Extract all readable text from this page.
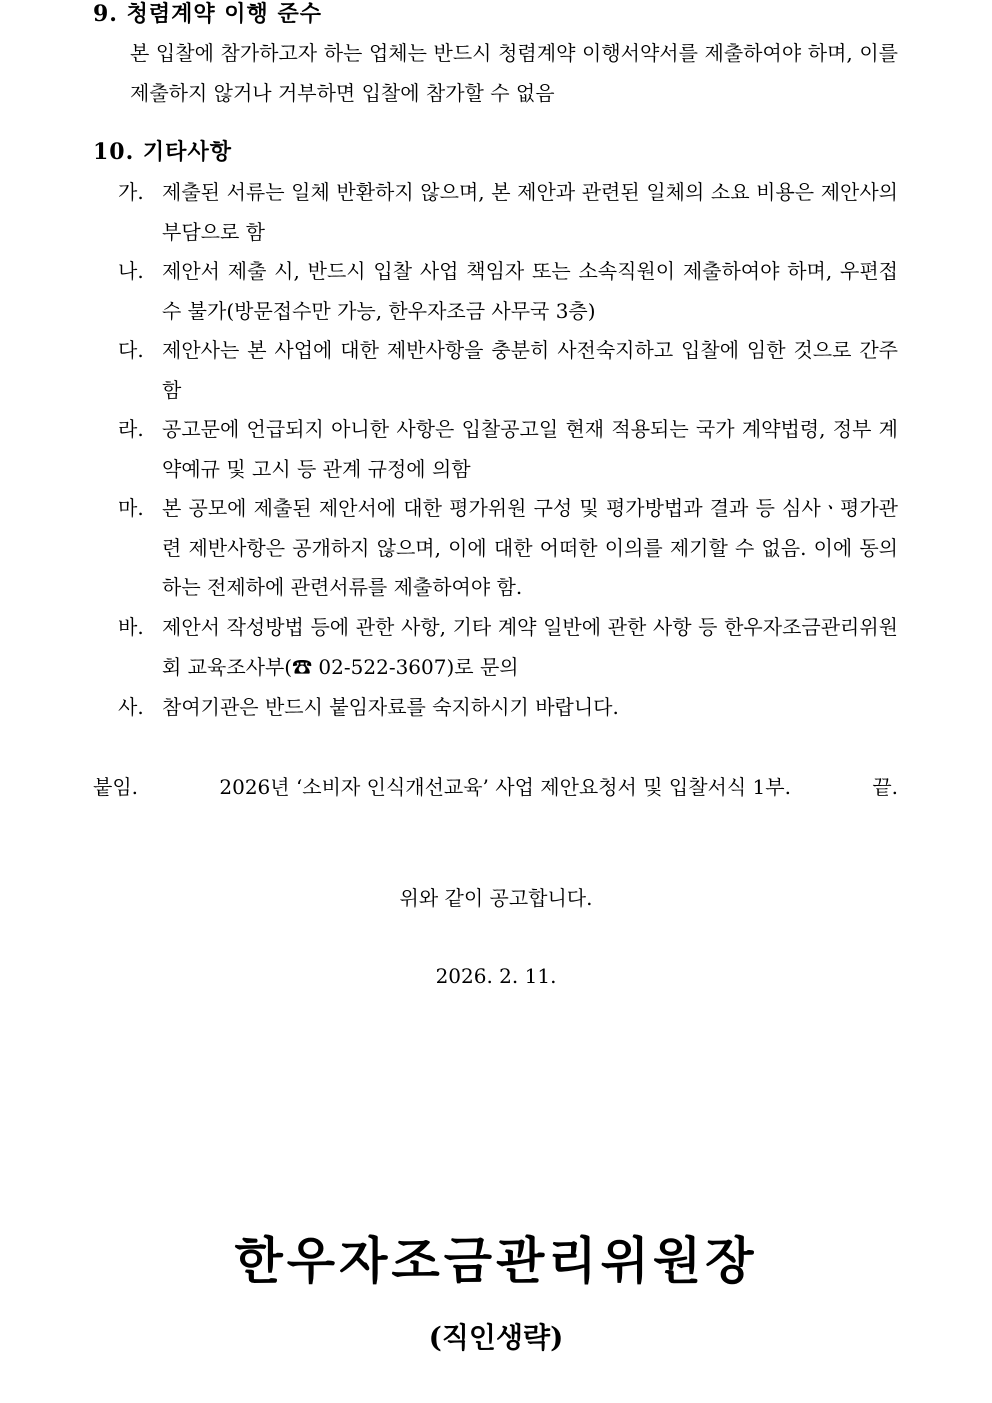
9. 청렴계약 이행 준수

본 입찰에 참가하고자 하는 업체는 반드시 청렴계약 이행서약서를 제출하여야 하며, 이를 제출하지 않거나 거부하면 입찰에 참가할 수 없음

10. 기타사항
가. 제출된 서류는 일체 반환하지 않으며, 본 제안과 관련된 일체의 소요 비용은 제안사의 부담으로 함
나. 제안서 제출 시, 반드시 입찰 사업 책임자 또는 소속직원이 제출하여야 하며, 우편접수 불가(방문접수만 가능, 한우자조금 사무국 3층)
다. 제안사는 본 사업에 대한 제반사항을 충분히 사전숙지하고 입찰에 임한 것으로 간주함
라. 공고문에 언급되지 아니한 사항은 입찰공고일 현재 적용되는 국가 계약법령, 정부 계약예규 및 고시 등 관계 규정에 의함
마. 본 공모에 제출된 제안서에 대한 평가위원 구성 및 평가방법과 결과 등 심사ㆍ평가관련 제반사항은 공개하지 않으며, 이에 대한 어떠한 이의를 제기할 수 없음. 이에 동의하는 전제하에 관련서류를 제출하여야 함.
바. 제안서 작성방법 등에 관한 사항, 기타 계약 일반에 관한 사항 등 한우자조금관리위원회 교육조사부(☎ 02-522-3607)로 문의
사. 참여기관은 반드시 붙임자료를 숙지하시기 바랍니다.
붙임.	2026년 ‘소비자 인식개선교육’ 사업 제안요청서 및 입찰서식 1부.	끝.

위와 같이 공고합니다.

2026. 2. 11.

한우자조금관리위원장

(직인생략)
